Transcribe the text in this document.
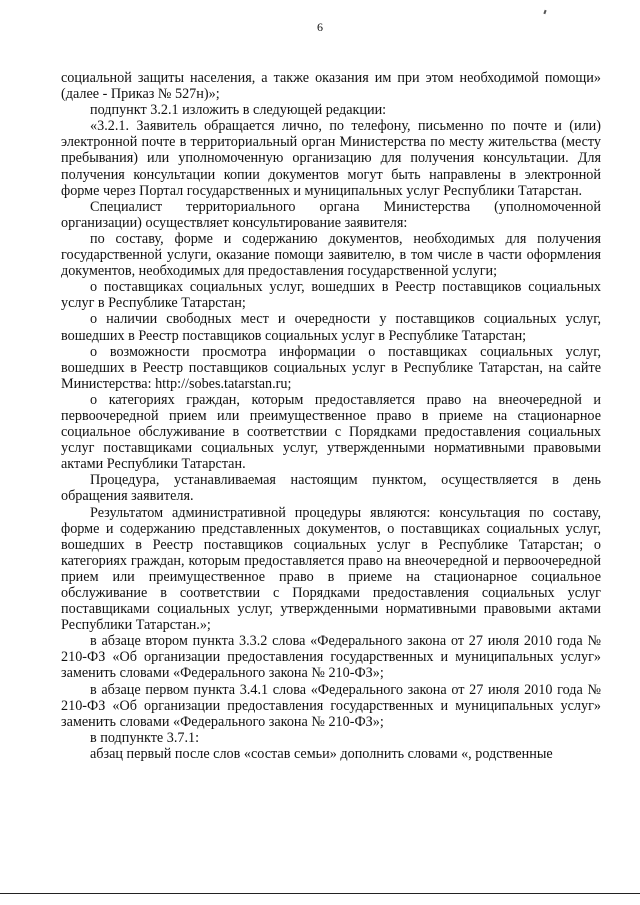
6

социальной защиты населения, а также оказания им при этом необходимой помощи» (далее - Приказ № 527н)»;

подпункт 3.2.1 изложить в следующей редакции:

«3.2.1. Заявитель обращается лично, по телефону, письменно по почте и (или) электронной почте в территориальный орган Министерства по месту жительства (месту пребывания) или уполномоченную организацию для получения консультации. Для получения консультации копии документов могут быть направлены в электронной форме через Портал государственных и муниципальных услуг Республики Татарстан.

Специалист территориального органа Министерства (уполномоченной организации) осуществляет консультирование заявителя:

по составу, форме и содержанию документов, необходимых для получения государственной услуги, оказание помощи заявителю, в том числе в части оформления документов, необходимых для предоставления государственной услуги;

о поставщиках социальных услуг, вошедших в Реестр поставщиков социальных услуг в Республике Татарстан;

о наличии свободных мест и очередности у поставщиков социальных услуг, вошедших в Реестр поставщиков социальных услуг в Республике Татарстан;

о возможности просмотра информации о поставщиках социальных услуг, вошедших в Реестр поставщиков социальных услуг в Республике Татарстан, на сайте Министерства: http://sobes.tatarstan.ru;

о категориях граждан, которым предоставляется право на внеочередной и первоочередной прием или преимущественное право в приеме на стационарное социальное обслуживание в соответствии с Порядками предоставления социальных услуг поставщиками социальных услуг, утвержденными нормативными правовыми актами Республики Татарстан.

Процедура, устанавливаемая настоящим пунктом, осуществляется в день обращения заявителя.

Результатом административной процедуры являются: консультация по составу, форме и содержанию представленных документов, о поставщиках социальных услуг, вошедших в Реестр поставщиков социальных услуг в Республике Татарстан; о категориях граждан, которым предоставляется право на внеочередной и первоочередной прием или преимущественное право в приеме на стационарное социальное обслуживание в соответствии с Порядками предоставления социальных услуг поставщиками социальных услуг, утвержденными нормативными правовыми актами Республики Татарстан.»;

в абзаце втором пункта 3.3.2 слова «Федерального закона от 27 июля 2010 года № 210-ФЗ «Об организации предоставления государственных и муниципальных услуг» заменить словами «Федерального закона № 210-ФЗ»;

в абзаце первом пункта 3.4.1 слова «Федерального закона от 27 июля 2010 года № 210-ФЗ «Об организации предоставления государственных и муниципальных услуг» заменить словами «Федерального закона № 210-ФЗ»;

в подпункте 3.7.1:

абзац первый после слов «состав семьи» дополнить словами «, родственные
